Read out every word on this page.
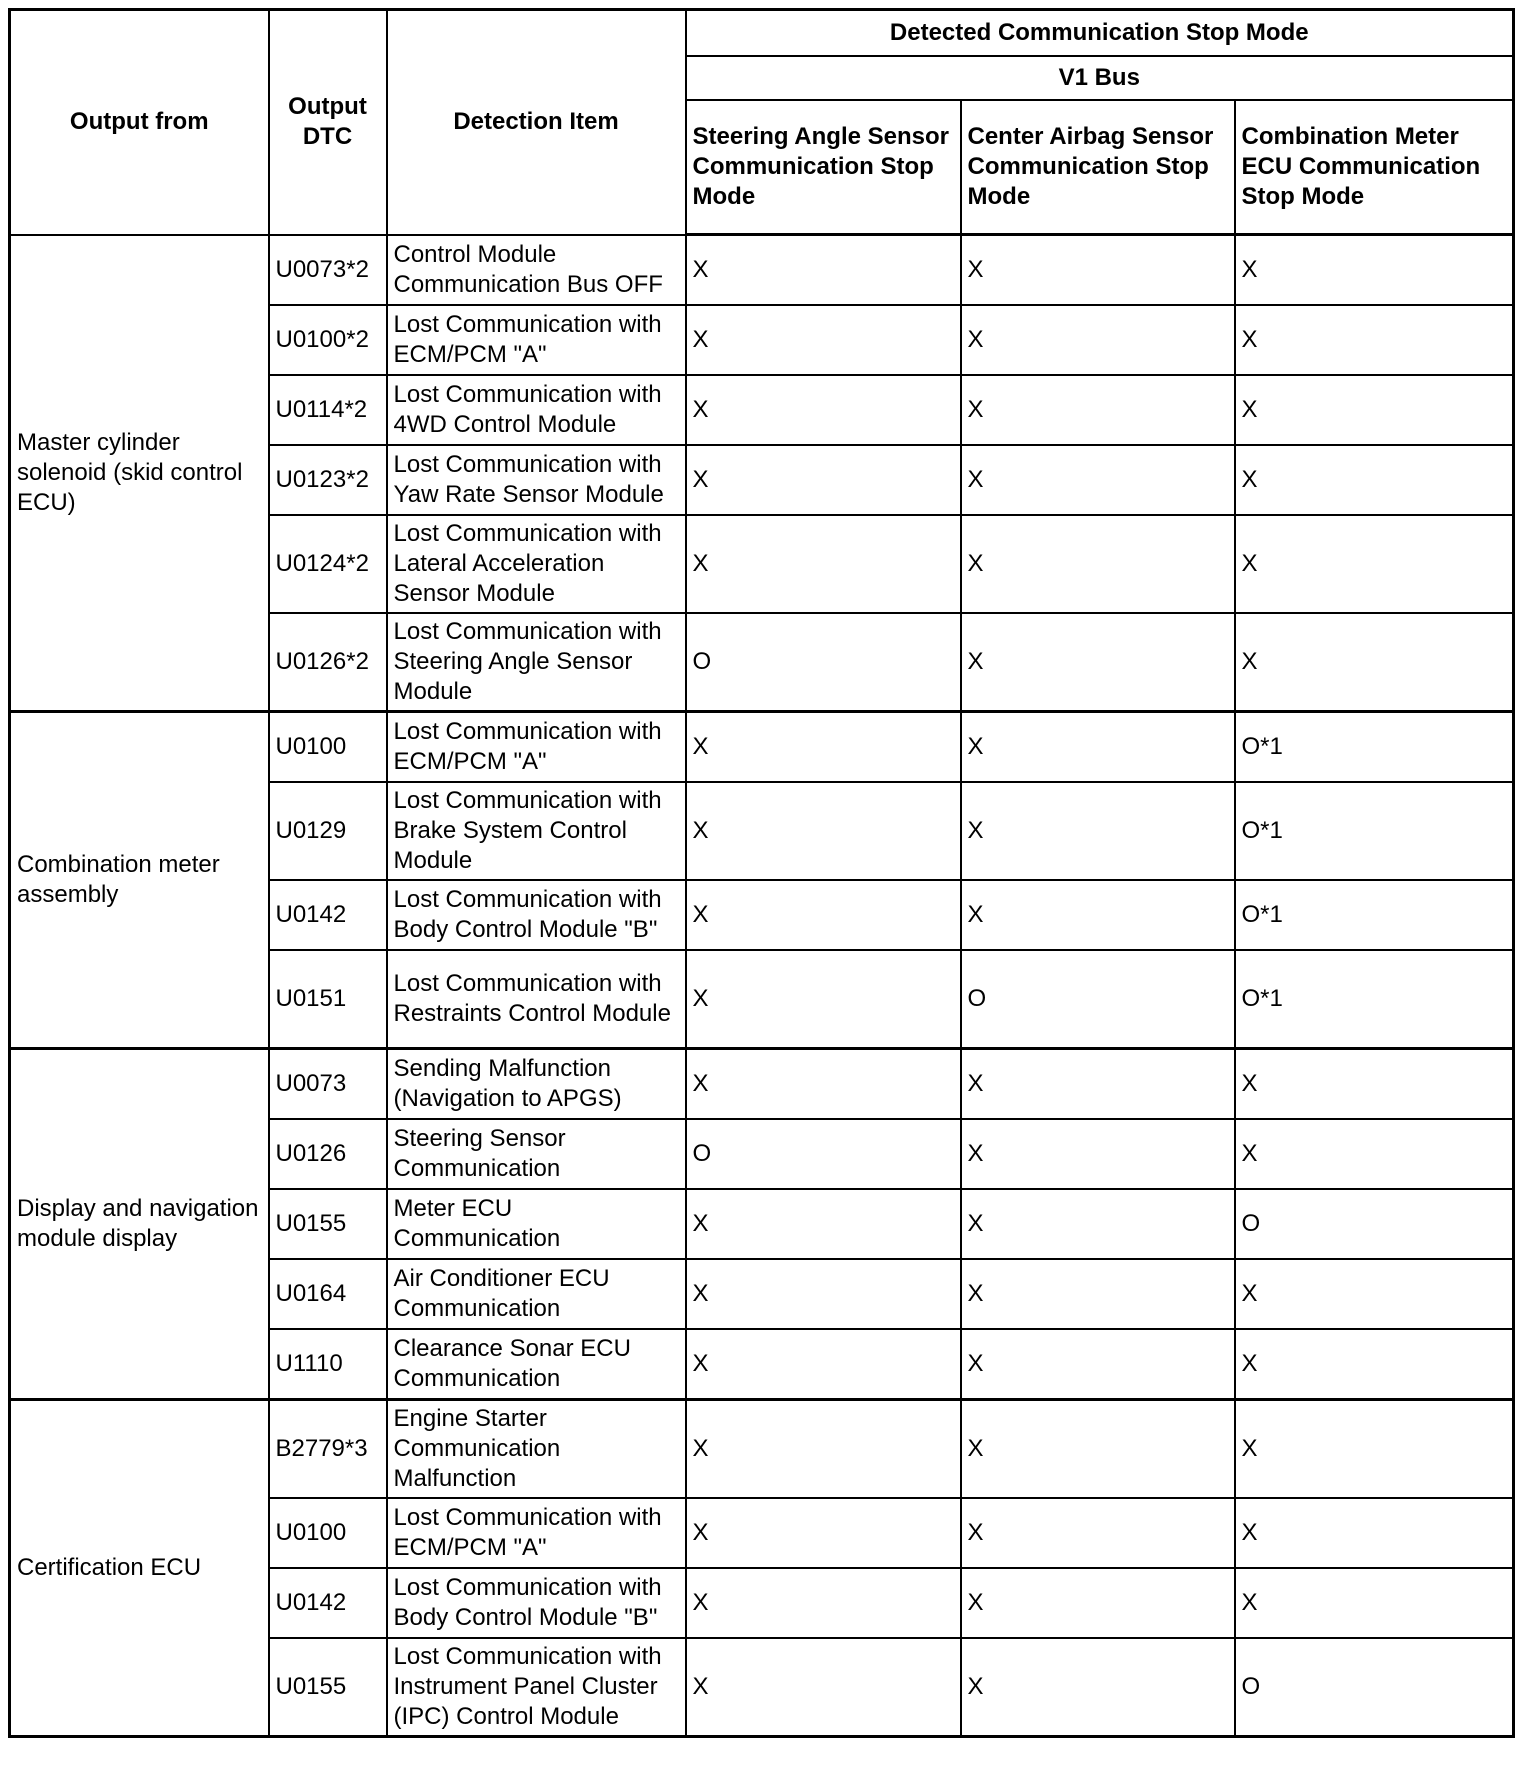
Output from	Output DTC	Detection Item	Detected Communication Stop Mode		
			V1 Bus		
			Steering Angle Sensor Communication Stop Mode	Center Airbag Sensor Communication Stop Mode	Combination Meter ECU Communication Stop Mode
Master cylinder solenoid (skid control ECU)	U0073*2	Control Module Communication Bus OFF	X	X	X
	U0100*2	Lost Communication with ECM/PCM "A"	X	X	X
	U0114*2	Lost Communication with 4WD Control Module	X	X	X
	U0123*2	Lost Communication with Yaw Rate Sensor Module	X	X	X
	U0124*2	Lost Communication with Lateral Acceleration Sensor Module	X	X	X
	U0126*2	Lost Communication with Steering Angle Sensor Module	O	X	X
Combination meter assembly	U0100	Lost Communication with ECM/PCM "A"	X	X	O*1
	U0129	Lost Communication with Brake System Control Module	X	X	O*1
	U0142	Lost Communication with Body Control Module "B"	X	X	O*1
	U0151	Lost Communication with Restraints Control Module	X	O	O*1
Display and navigation module display	U0073	Sending Malfunction (Navigation to APGS)	X	X	X
	U0126	Steering Sensor Communication	O	X	X
	U0155	Meter ECU Communication	X	X	O
	U0164	Air Conditioner ECU Communication	X	X	X
	U1110	Clearance Sonar ECU Communication	X	X	X
Certification ECU	B2779*3	Engine Starter Communication Malfunction	X	X	X
	U0100	Lost Communication with ECM/PCM "A"	X	X	X
	U0142	Lost Communication with Body Control Module "B"	X	X	X
	U0155	Lost Communication with Instrument Panel Cluster (IPC) Control Module	X	X	O
